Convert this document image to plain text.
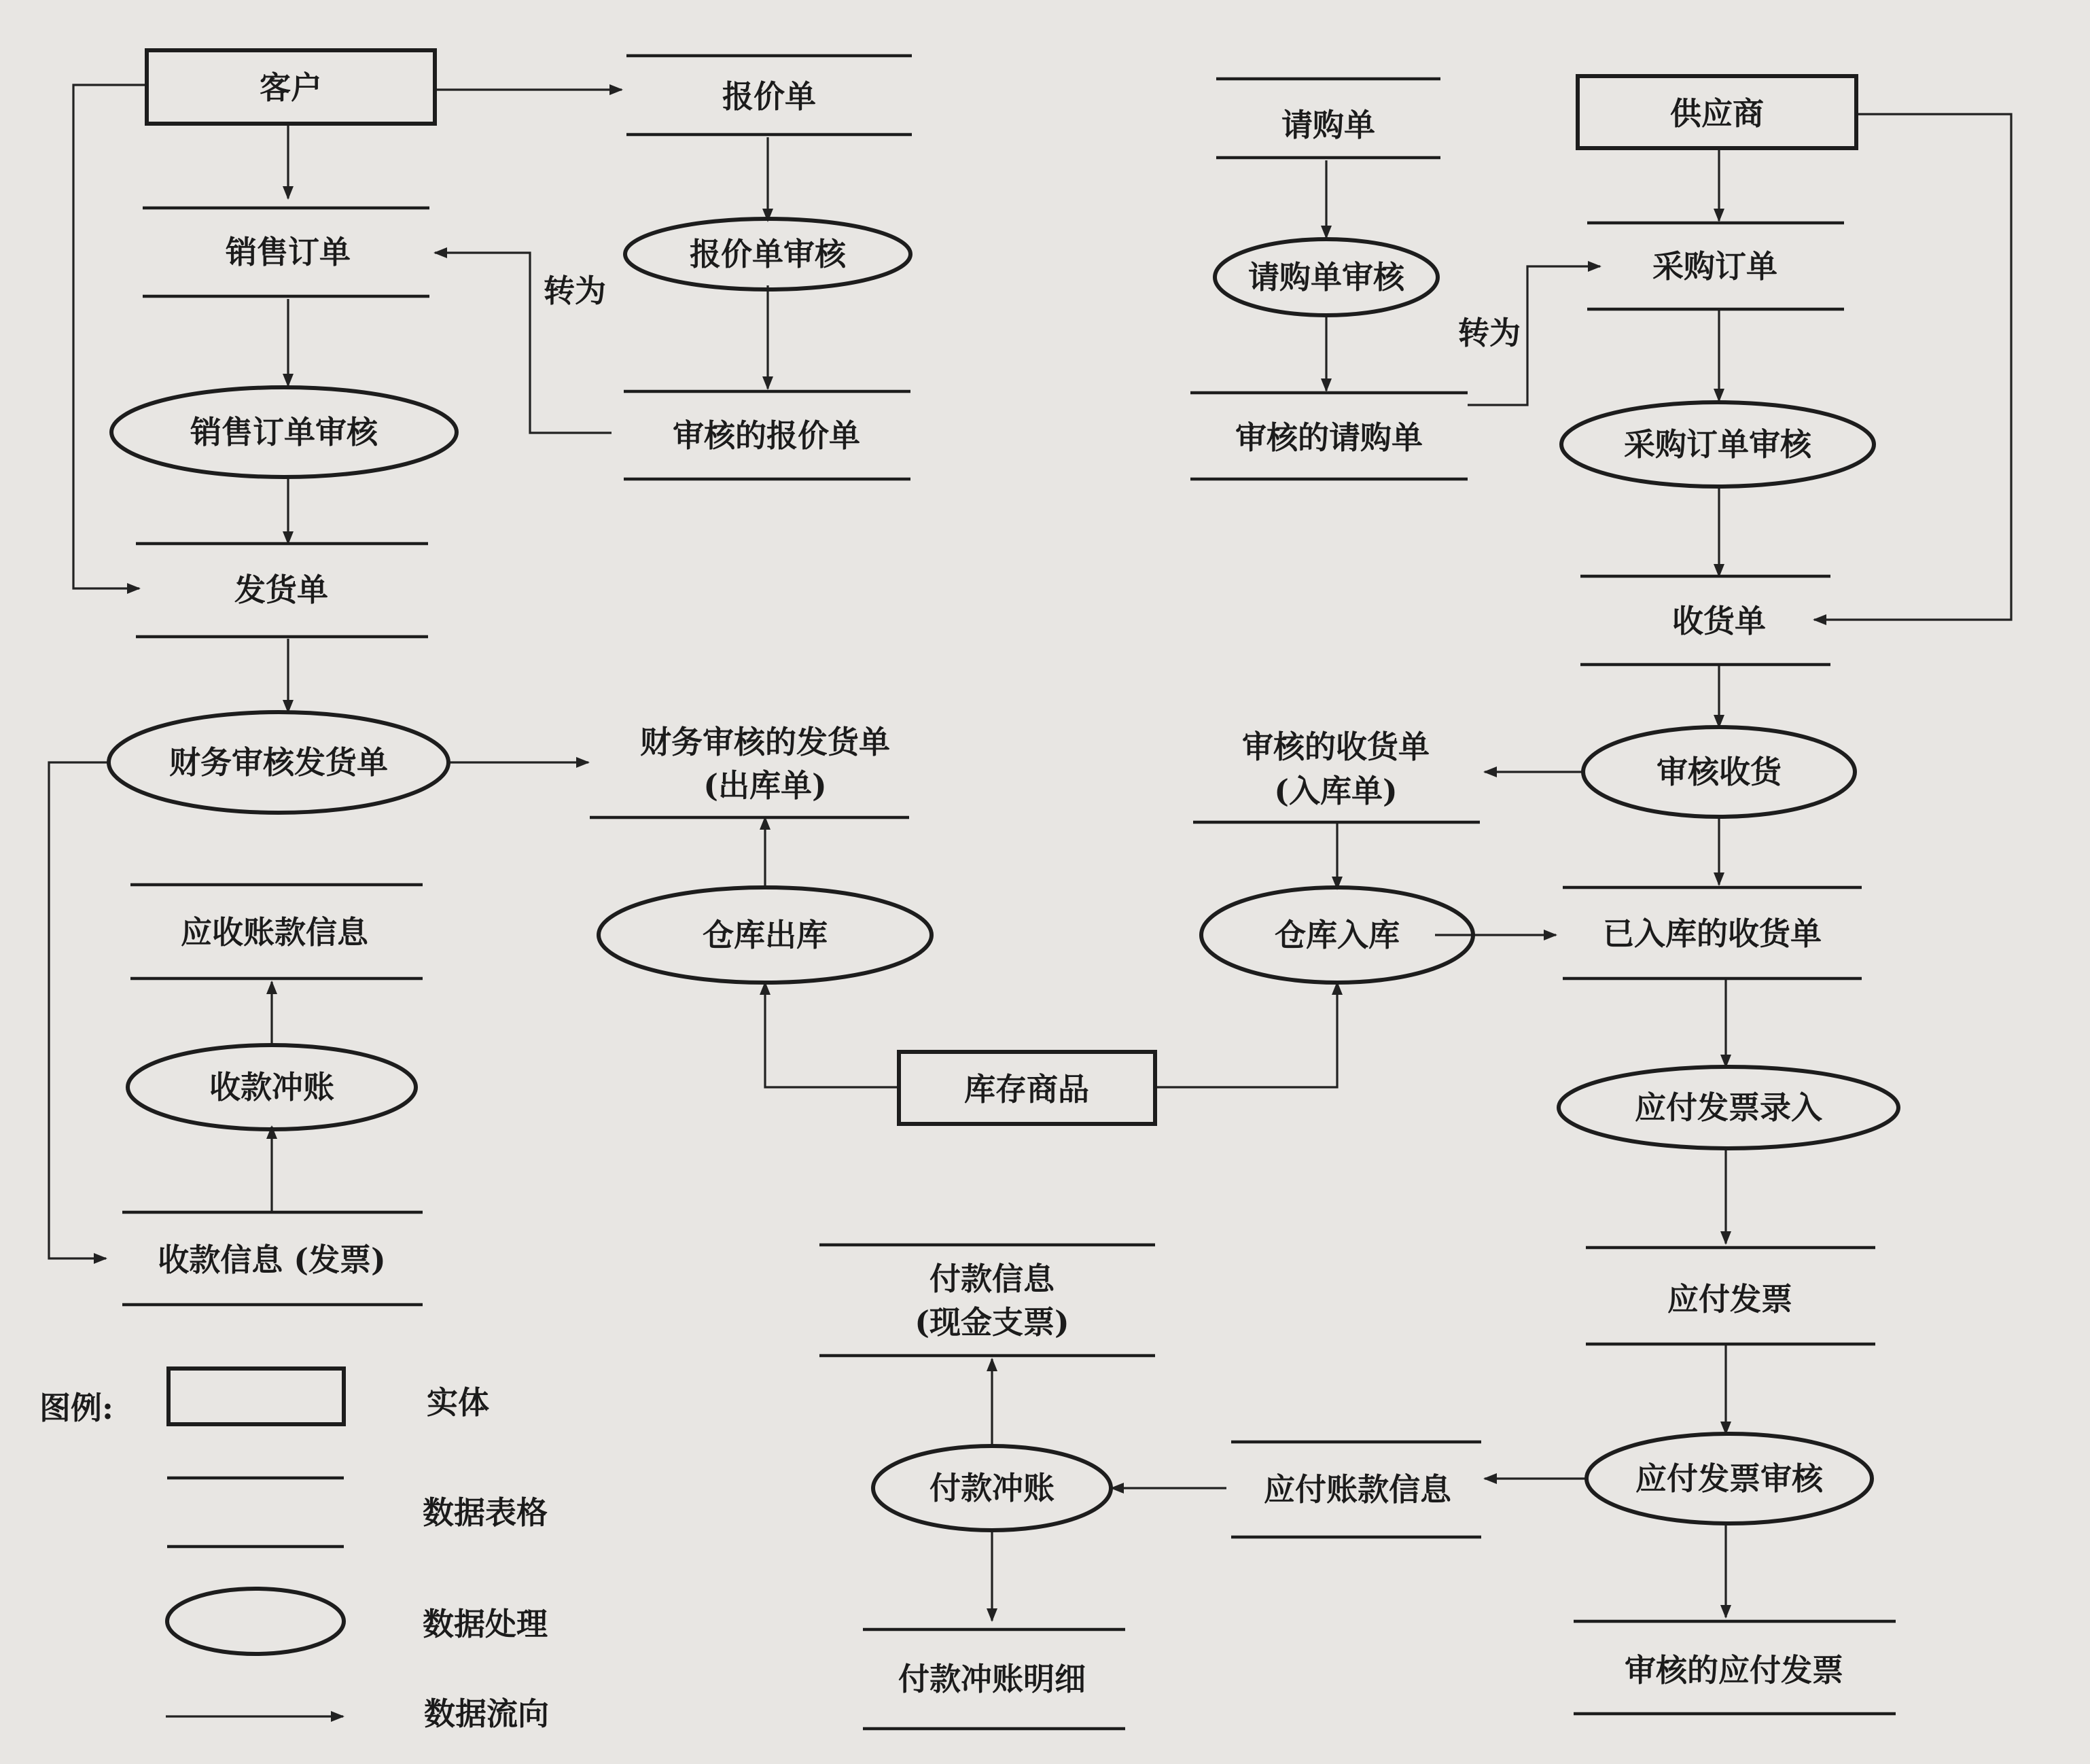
客户
供应商
库存商品
报价单
审核的报价单
销售订单
发货单
财务审核的发货单
(出库单)
应收账款信息
收款信息 (发票)
请购单
审核的请购单
采购订单
收货单
审核的收货单
(入库单)
已入库的收货单
应付发票
审核的应付发票
应付账款信息
付款信息
(现金支票)
付款冲账明细
报价单审核
销售订单审核
财务审核发货单
收款冲账
仓库出库	仓库入库
请购单审核
采购订单审核
审核收货
应付发票录入
应付发票审核
付款冲账
转为
转为
图例:	实体
数据表格
数据处理
数据流向
